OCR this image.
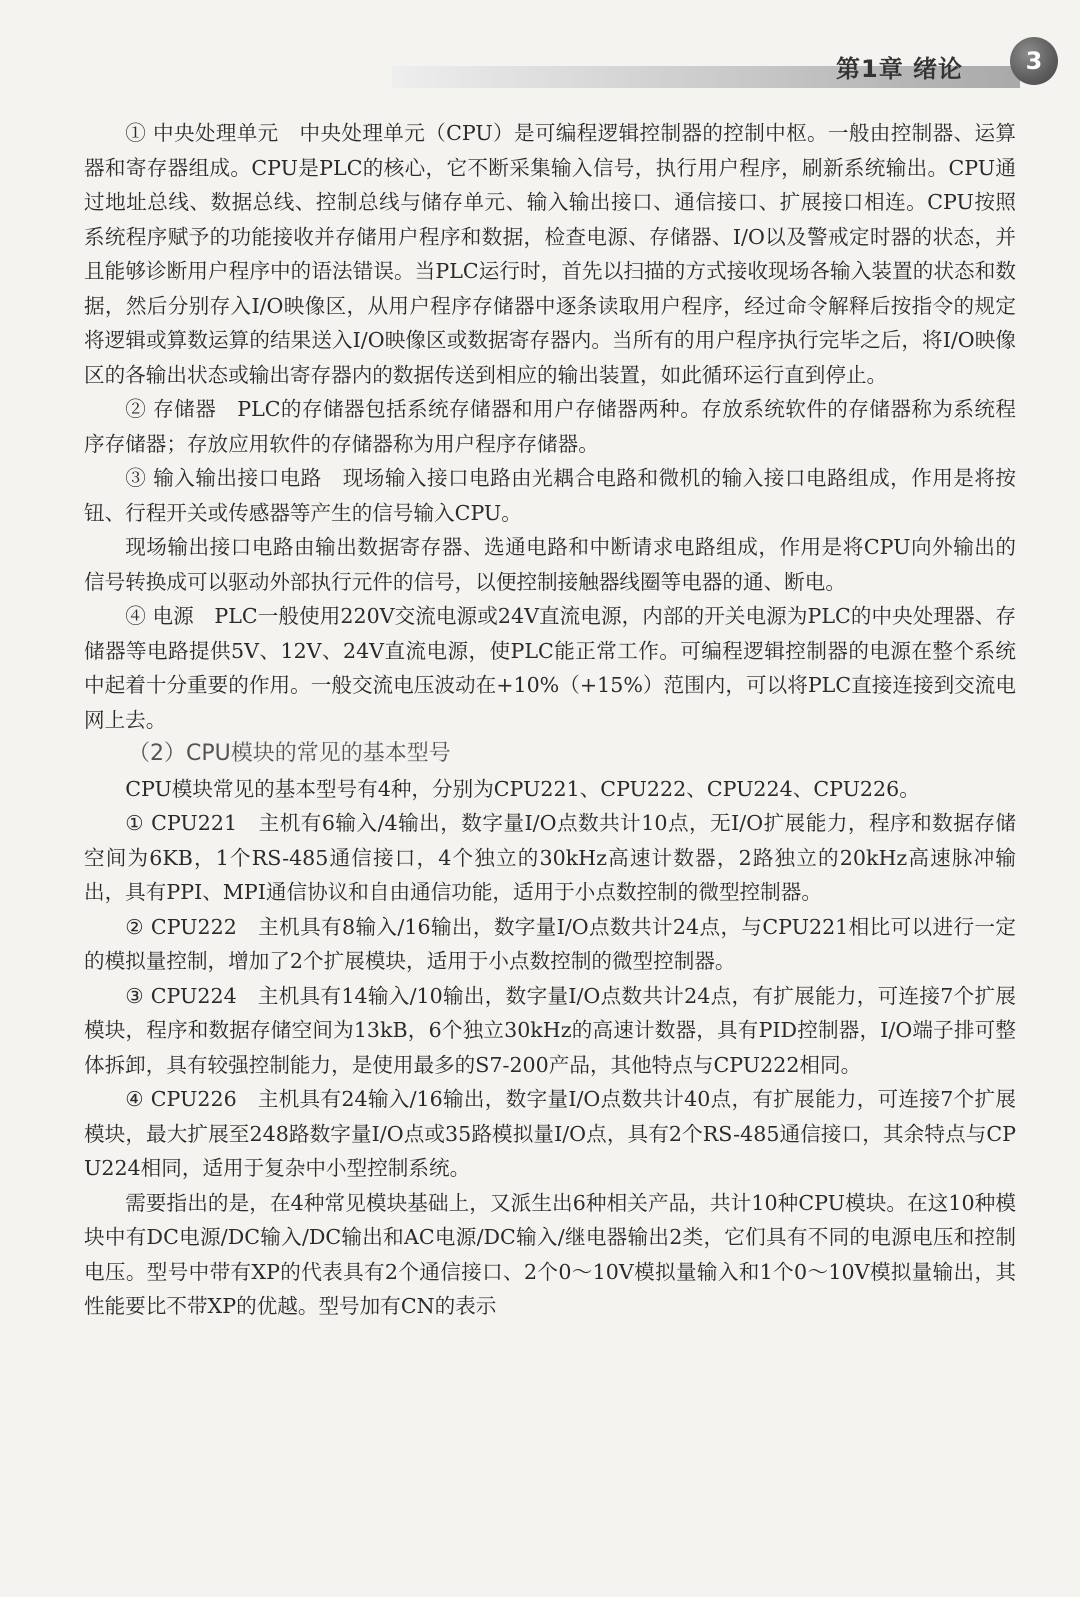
第1章 绪论	3

① 中央处理单元　中央处理单元（CPU）是可编程逻辑控制器的控制中枢。一般由控制器、运算器和寄存器组成。CPU是PLC的核心，它不断采集输入信号，执行用户程序，刷新系统输出。CPU通过地址总线、数据总线、控制总线与储存单元、输入输出接口、通信接口、扩展接口相连。CPU按照系统程序赋予的功能接收并存储用户程序和数据，检查电源、存储器、I/O以及警戒定时器的状态，并且能够诊断用户程序中的语法错误。当PLC运行时，首先以扫描的方式接收现场各输入装置的状态和数据，然后分别存入I/O映像区，从用户程序存储器中逐条读取用户程序，经过命令解释后按指令的规定将逻辑或算数运算的结果送入I/O映像区或数据寄存器内。当所有的用户程序执行完毕之后，将I/O映像区的各输出状态或输出寄存器内的数据传送到相应的输出装置，如此循环运行直到停止。

② 存储器　PLC的存储器包括系统存储器和用户存储器两种。存放系统软件的存储器称为系统程序存储器；存放应用软件的存储器称为用户程序存储器。

③ 输入输出接口电路　现场输入接口电路由光耦合电路和微机的输入接口电路组成，作用是将按钮、行程开关或传感器等产生的信号输入CPU。

现场输出接口电路由输出数据寄存器、选通电路和中断请求电路组成，作用是将CPU向外输出的信号转换成可以驱动外部执行元件的信号，以便控制接触器线圈等电器的通、断电。

④ 电源　PLC一般使用220V交流电源或24V直流电源，内部的开关电源为PLC的中央处理器、存储器等电路提供5V、12V、24V直流电源，使PLC能正常工作。可编程逻辑控制器的电源在整个系统中起着十分重要的作用。一般交流电压波动在+10%（+15%）范围内，可以将PLC直接连接到交流电网上去。

（2）CPU模块的常见的基本型号

CPU模块常见的基本型号有4种，分别为CPU221、CPU222、CPU224、CPU226。

① CPU221　主机有6输入/4输出，数字量I/O点数共计10点，无I/O扩展能力，程序和数据存储空间为6KB，1个RS-485通信接口，4个独立的30kHz高速计数器，2路独立的20kHz高速脉冲输出，具有PPI、MPI通信协议和自由通信功能，适用于小点数控制的微型控制器。

② CPU222　主机具有8输入/16输出，数字量I/O点数共计24点，与CPU221相比可以进行一定的模拟量控制，增加了2个扩展模块，适用于小点数控制的微型控制器。

③ CPU224　主机具有14输入/10输出，数字量I/O点数共计24点，有扩展能力，可连接7个扩展模块，程序和数据存储空间为13kB，6个独立30kHz的高速计数器，具有PID控制器，I/O端子排可整体拆卸，具有较强控制能力，是使用最多的S7-200产品，其他特点与CPU222相同。

④ CPU226　主机具有24输入/16输出，数字量I/O点数共计40点，有扩展能力，可连接7个扩展模块，最大扩展至248路数字量I/O点或35路模拟量I/O点，具有2个RS-485通信接口，其余特点与CPU224相同，适用于复杂中小型控制系统。

需要指出的是，在4种常见模块基础上，又派生出6种相关产品，共计10种CPU模块。在这10种模块中有DC电源/DC输入/DC输出和AC电源/DC输入/继电器输出2类，它们具有不同的电源电压和控制电压。型号中带有XP的代表具有2个通信接口、2个0～10V模拟量输入和1个0～10V模拟量输出，其性能要比不带XP的优越。型号加有CN的表示
